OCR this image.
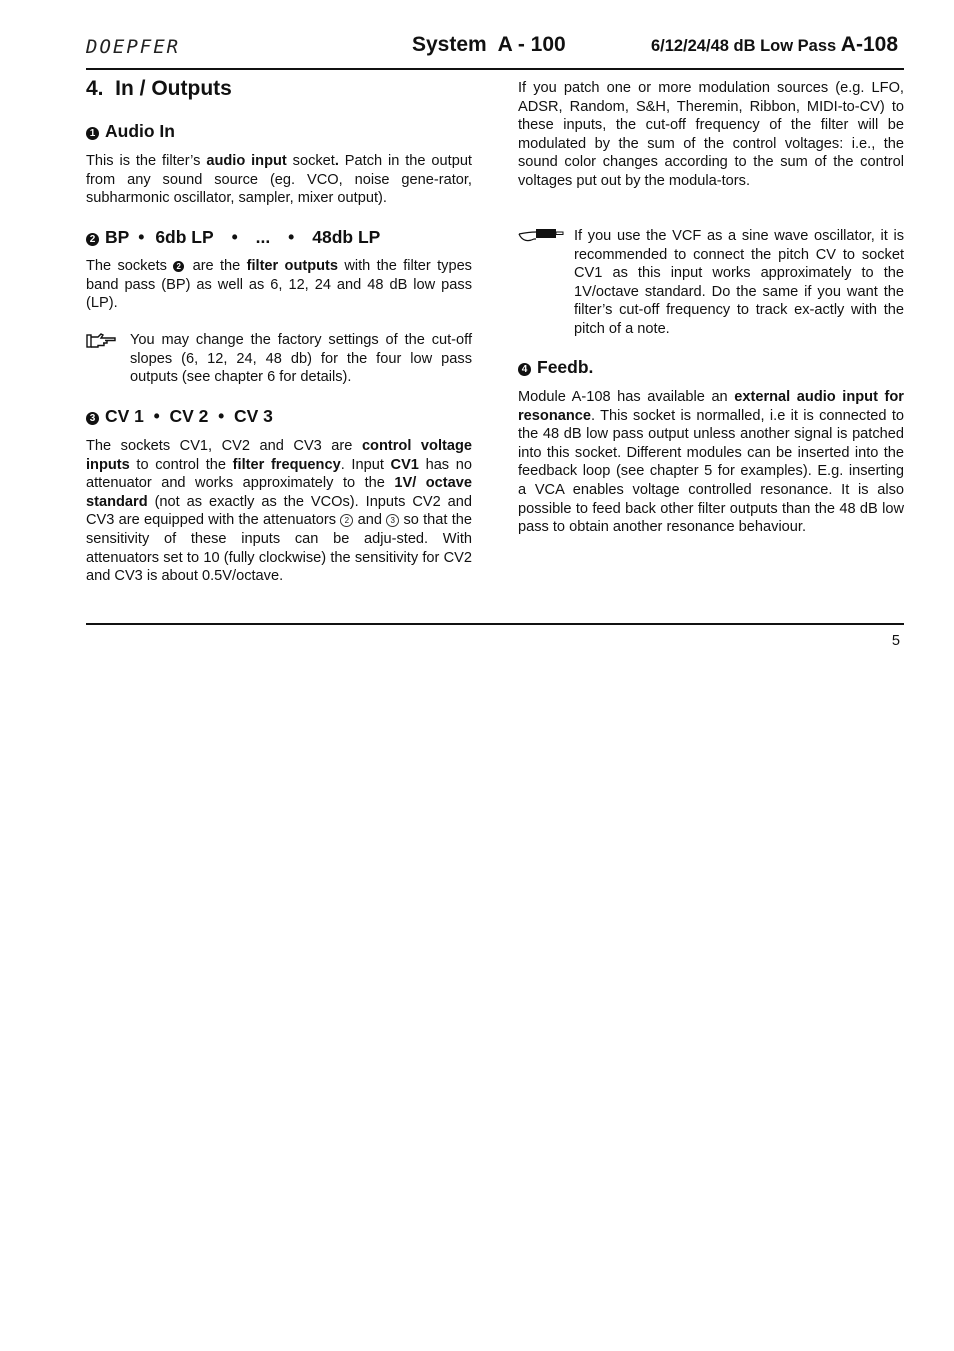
DOEPFER	System  A - 100	6/12/24/48 dB Low Pass A-108
4.  In / Outputs
1 Audio In

This is the filter’s audio input socket. Patch in the output from any sound source (eg. VCO, noise gene-rator, subharmonic oscillator, sampler, mixer output).

2 BP • 6db LP • ... • 48db LP

The sockets 2 are the filter outputs with the filter types band pass (BP) as well as 6, 12, 24 and 48 dB low pass (LP).

You may change the factory settings of the cut-off slopes (6, 12, 24, 48 db) for the four low pass outputs (see chapter 6 for details).

3 CV 1  •  CV 2  •  CV 3

The sockets CV1, CV2 and CV3 are control voltage inputs to control the filter frequency. Input CV1 has no attenuator and works approximately to the 1V/ octave standard (not as exactly as the VCOs). Inputs CV2 and CV3 are equipped with the attenuators 2 and 3 so that the sensitivity of these inputs can be adju-sted. With attenuators set to 10 (fully clockwise) the sensitivity for CV2 and CV3 is about 0.5V/octave.

If you patch one or more modulation sources (e.g. LFO, ADSR, Random, S&H, Theremin, Ribbon, MIDI-to-CV) to these inputs, the cut-off frequency of the filter will be modulated by the sum of the control voltages: i.e., the sound color changes according to the sum of the control voltages put out by the modula-tors.

If you use the VCF as a sine wave oscillator, it is recommended to connect the pitch CV to socket CV1 as this input works approximately to the 1V/octave standard. Do the same if you want the filter’s cut-off frequency to track ex-actly with the pitch of a note.

4 Feedb.

Module A-108 has available an external audio input for resonance. This socket is normalled, i.e it is connected to the 48 dB low pass output unless another signal is patched into this socket. Different modules can be inserted into the feedback loop (see chapter 5 for examples). E.g. inserting a VCA enables voltage controlled resonance. It is also possible to feed back other filter outputs than the 48 dB low pass to obtain another resonance behaviour.

5
